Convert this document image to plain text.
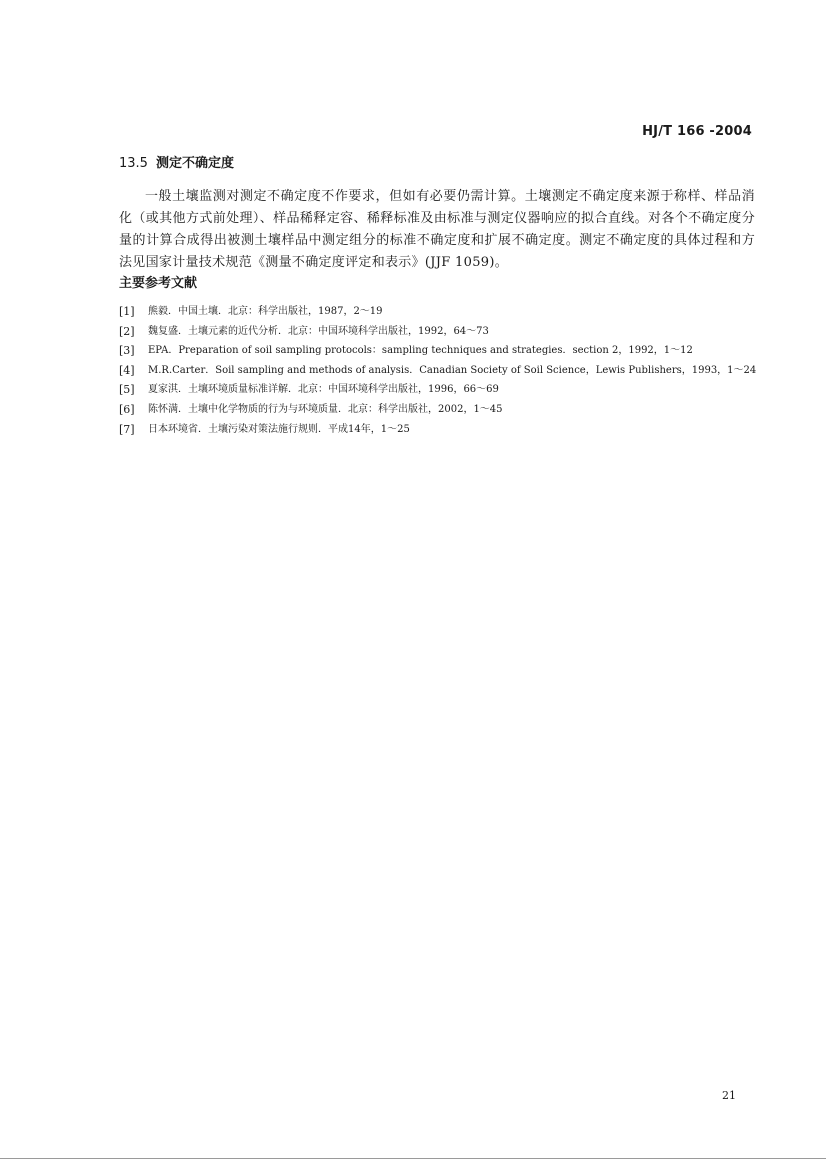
HJ/T 166 -2004
13.5 测定不确定度

一般土壤监测对测定不确定度不作要求，但如有必要仍需计算。土壤测定不确定度来源于称样、样品消化（或其他方式前处理）、样品稀释定容、稀释标准及由标准与测定仪器响应的拟合直线。对各个不确定度分量的计算合成得出被测土壤样品中测定组分的标准不确定度和扩展不确定度。测定不确定度的具体过程和方法见国家计量技术规范《测量不确定度评定和表示》(JJF 1059)。

主要参考文献
[1]	熊毅．中国土壤．北京：科学出版社，1987，2～19
[2]	魏复盛．土壤元素的近代分析．北京：中国环境科学出版社，1992，64～73
[3]	EPA．Preparation of soil sampling protocols：sampling techniques and strategies．section 2，1992，1～12
[4]	M.R.Carter．Soil sampling and methods of analysis．Canadian Society of Soil Science，Lewis Publishers，1993，1～24
[5]	夏家淇．土壤环境质量标准详解．北京：中国环境科学出版社，1996，66～69
[6]	陈怀满．土壤中化学物质的行为与环境质量．北京：科学出版社，2002，1～45
[7]	日本环境省．土壤污染对策法施行规则．平成14年，1～25
21
